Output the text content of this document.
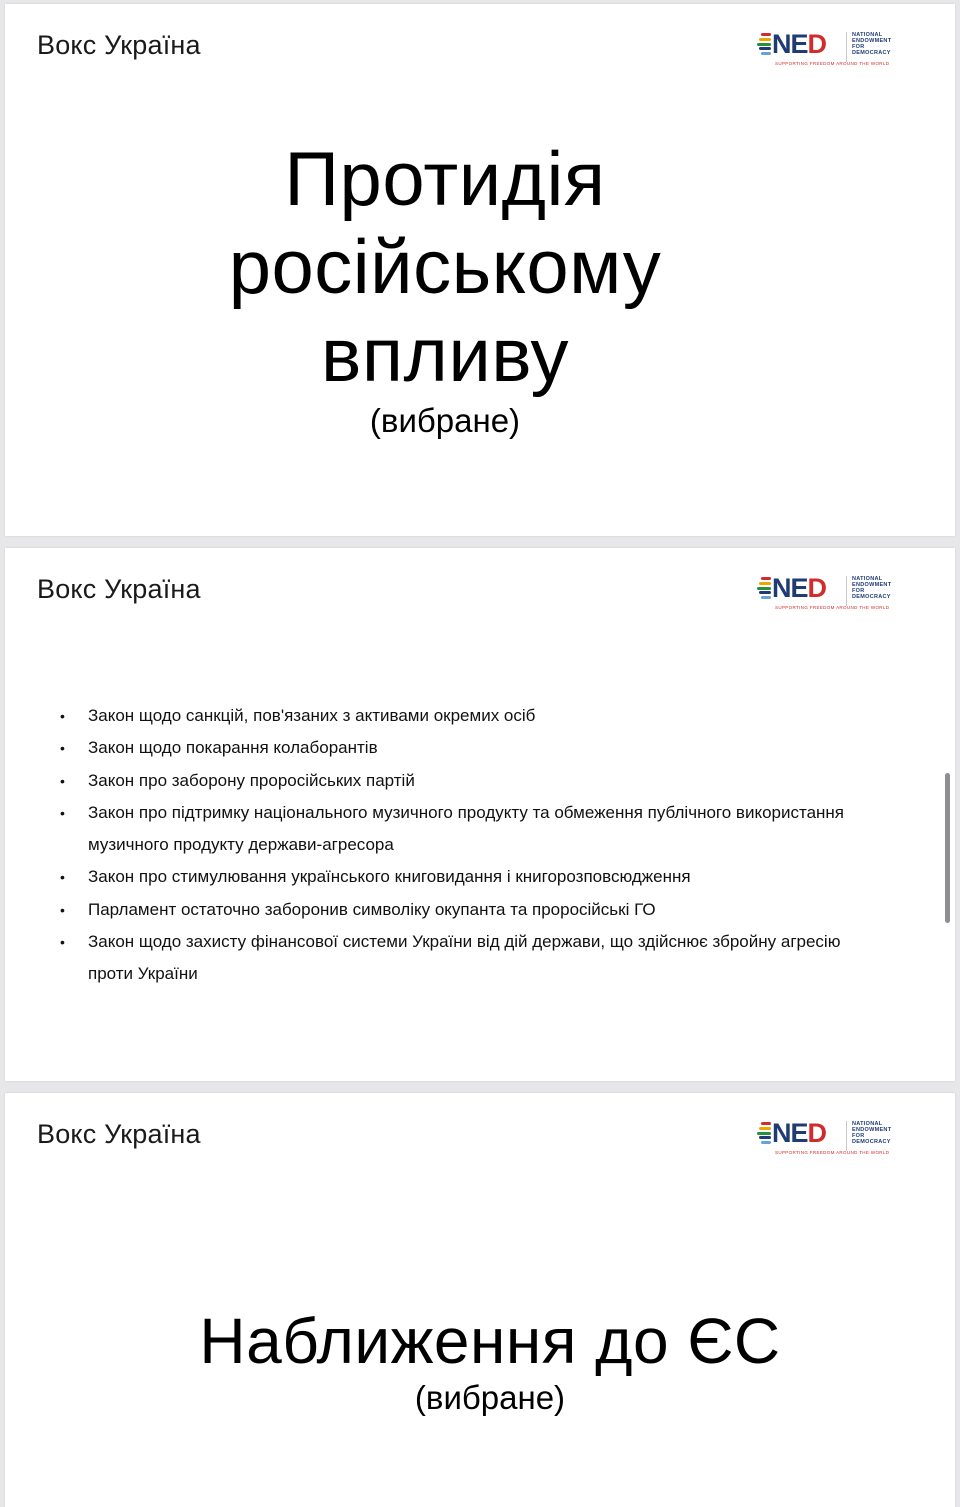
Вокс Україна	NED	NATIONAL
ENDOWMENT
FOR
DEMOCRACY
SUPPORTING FREEDOM AROUND THE WORLD
Протидія
російському
впливу
(вибране)
Вокс Україна	NED	NATIONAL
ENDOWMENT
FOR
DEMOCRACY
SUPPORTING FREEDOM AROUND THE WORLD
• Закон щодо санкцій, пов'язаних з активами окремих осіб
• Закон щодо покарання колаборантів
• Закон про заборону проросійських партій
• Закон про підтримку національного музичного продукту та обмеження публічного використання музичного продукту держави-агресора
• Закон про стимулювання українського книговидання і книгорозповсюдження
• Парламент остаточно заборонив символіку окупанта та проросійські ГО
• Закон щодо захисту фінансової системи України від дій держави, що здійснює збройну агресію проти України
Вокс Україна	NED	NATIONAL
ENDOWMENT
FOR
DEMOCRACY
SUPPORTING FREEDOM AROUND THE WORLD
Наближення до ЄС
(вибране)
